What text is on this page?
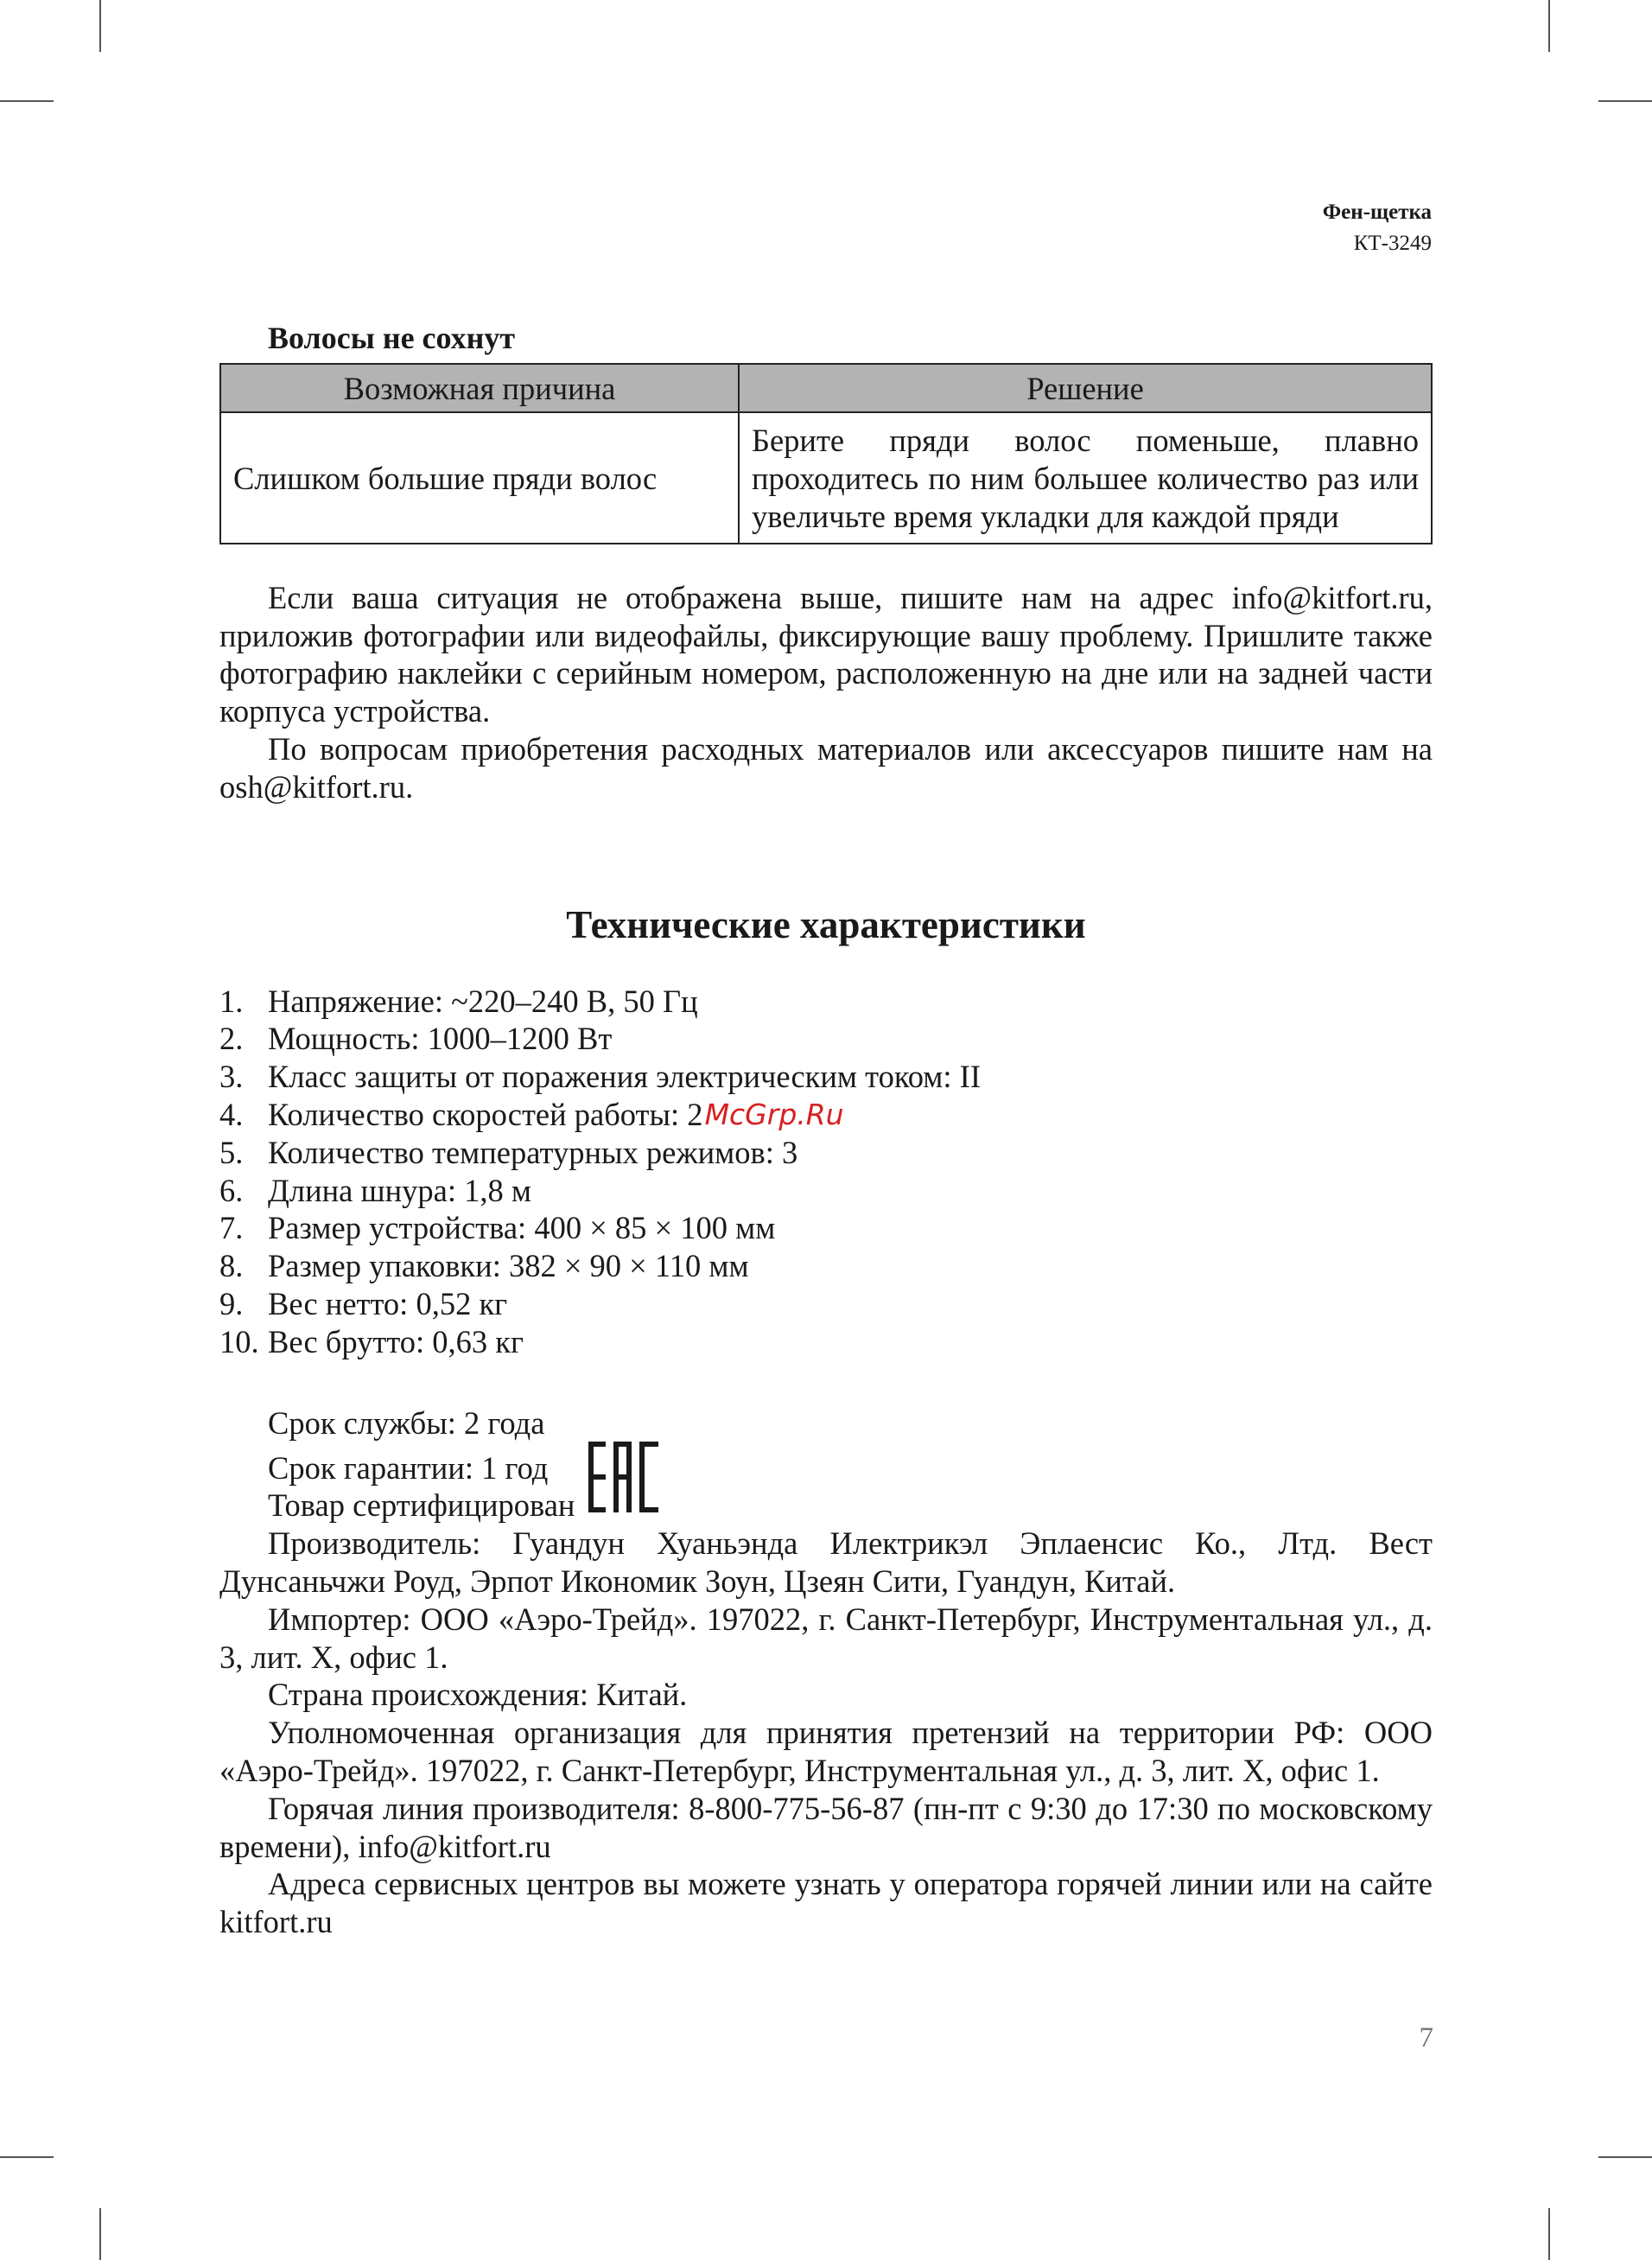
Фен-щетка
КТ-3249
Волосы не сохнут
Возможная причина	Решение
Слишком большие пряди волос	Берите пряди волос поменьше, плавно проходитесь по ним большее количество раз или увеличьте время укладки для каждой пряди

Если ваша ситуация не отображена выше, пишите нам на адрес info@kitfort.ru, приложив фотографии или видеофайлы, фиксирующие вашу проблему. Пришлите также фотографию наклейки с серийным номером, расположенную на дне или на задней части корпуса устройства.

По вопросам приобретения расходных материалов или аксессуаров пишите нам на osh@kitfort.ru.

Технические характеристики
1. Напряжение: ~220–240 В, 50 Гц
2. Мощность: 1000–1200 Вт
3. Класс защиты от поражения электрическим током: II
4. Количество скоростей работы: 2 McGrp.Ru
5. Количество температурных режимов: 3
6. Длина шнура: 1,8 м
7. Размер устройства: 400 × 85 × 100 мм
8. Размер упаковки: 382 × 90 × 110 мм
9. Вес нетто: 0,52 кг
10. Вес брутто: 0,63 кг
Срок службы: 2 года
Срок гарантии: 1 год
Товар сертифицирован

Производитель: Гуандун Хуаньэнда Илектрикэл Эплаенсис Ко., Лтд. Вест Дунсаньчжи Роуд, Эрпот Икономик Зоун, Цзеян Сити, Гуандун, Китай.

Импортер: ООО «Аэро-Трейд». 197022, г. Санкт-Петербург, Инструментальная ул., д. 3, лит. Х, офис 1.

Страна происхождения: Китай.

Уполномоченная организация для принятия претензий на территории РФ: ООО «Аэро-Трейд». 197022, г. Санкт-Петербург, Инструментальная ул., д. 3, лит. Х, офис 1.

Горячая линия производителя: 8-800-775-56-87 (пн-пт с 9:30 до 17:30 по московскому времени), info@kitfort.ru

Адреса сервисных центров вы можете узнать у оператора горячей линии или на сайте kitfort.ru

7
